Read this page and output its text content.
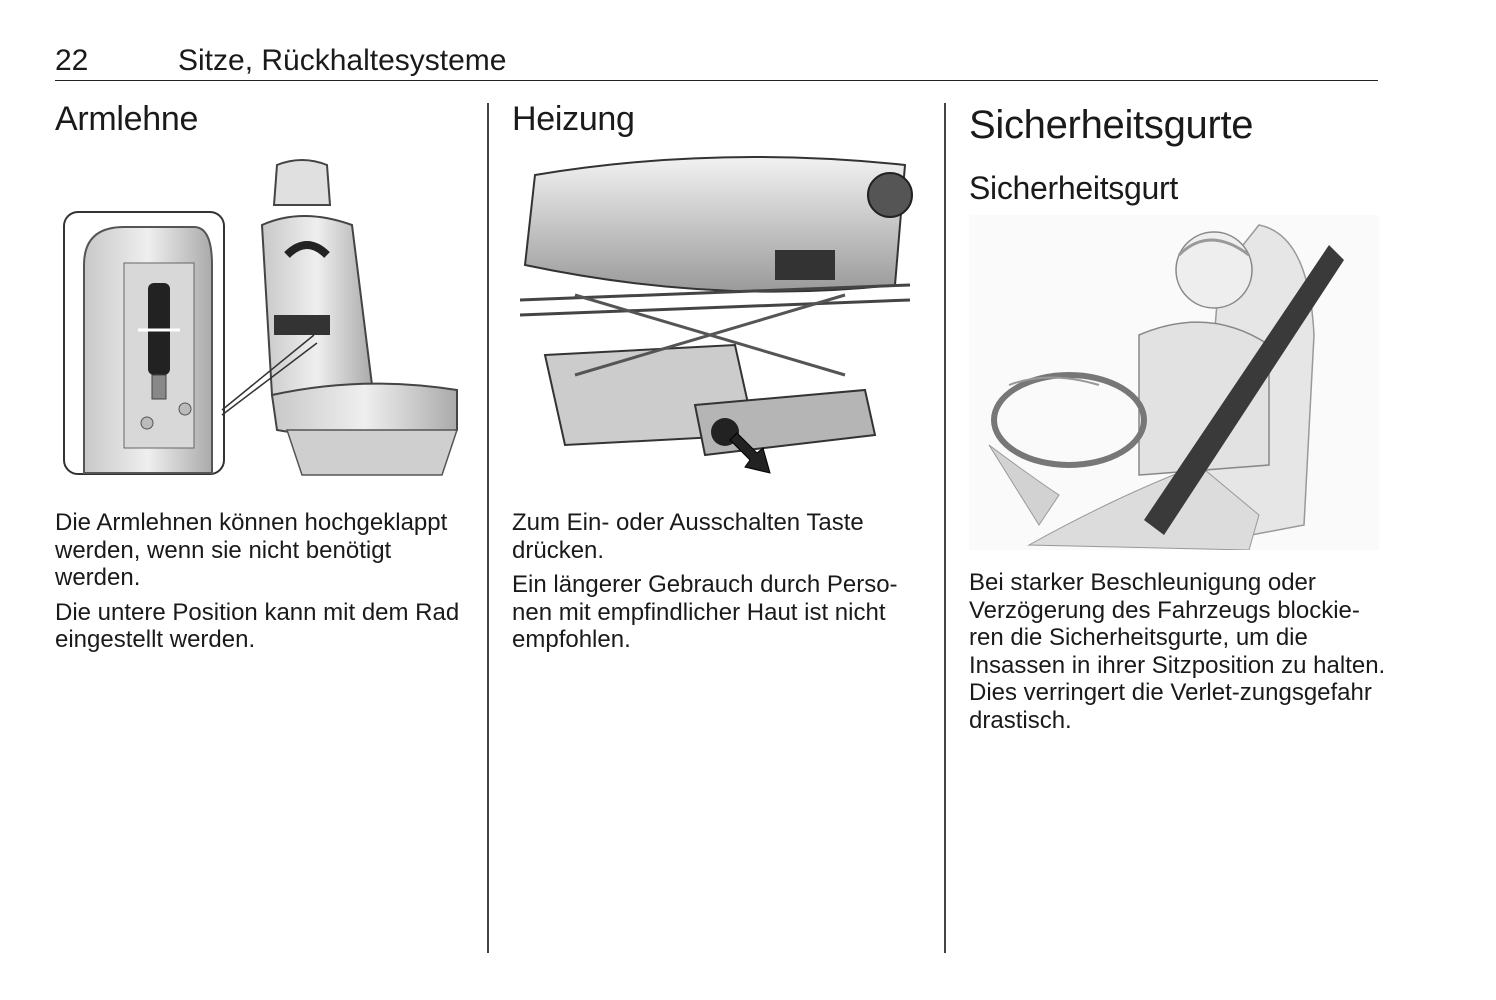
22	Sitze, Rückhaltesysteme
Armlehne

Die Armlehnen können hochgeklappt werden, wenn sie nicht benötigt werden.

Die untere Position kann mit dem Rad eingestellt werden.

Heizung

Zum Ein- oder Ausschalten Taste drücken.

Ein längerer Gebrauch durch Perso-nen mit empfindlicher Haut ist nicht empfohlen.

Sicherheitsgurte
Sicherheitsgurt

Bei starker Beschleunigung oder Verzögerung des Fahrzeugs blockie-ren die Sicherheitsgurte, um die Insassen in ihrer Sitzposition zu halten. Dies verringert die Verlet-zungsgefahr drastisch.
